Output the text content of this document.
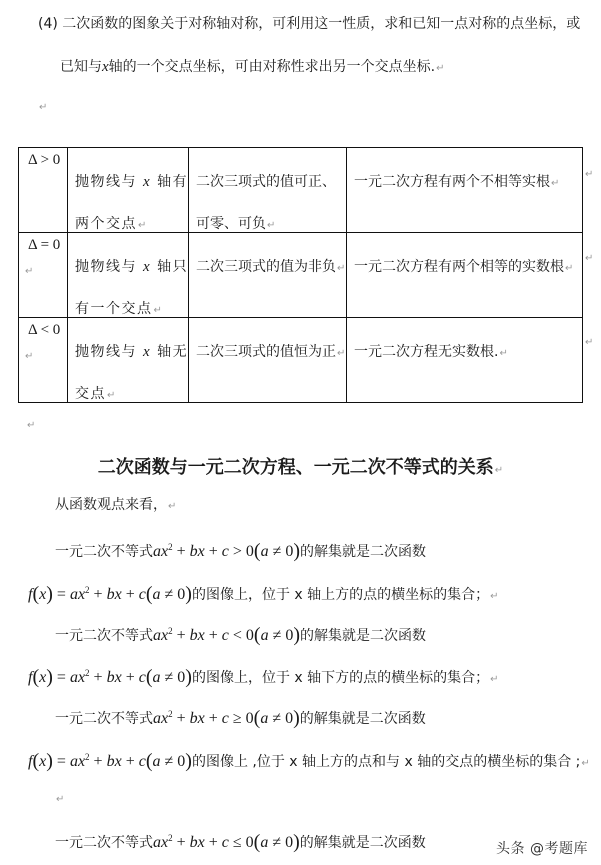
(4) 二次函数的图象关于对称轴对称，可利用这一性质，求和已知一点对称的点坐标，或
已知与x轴的一个交点坐标，可由对称性求出另一个交点坐标.↵
↵
Δ > 0	抛物线与 x 轴有
两个交点↵	二次三项式的值可正、
可零、可负↵	一元二次方程有两个不相等实根↵

Δ = 0
↵	抛物线与 x 轴只
有一个交点↵	二次三项式的值为非负↵	一元二次方程有两个相等的实数根↵

Δ < 0
↵	抛物线与 x 轴无
交点↵	二次三项式的值恒为正↵	一元二次方程无实数根.↵
↵
↵
↵
↵
二次函数与一元二次方程、一元二次不等式的关系↵
从函数观点来看，↵
一元二次不等式$ax^2$ + bx + c > 0(a ≠ 0)的解集就是二次函数
$f(x) = ax^2$ + bx + c(a ≠ 0)的图像上，位于 x 轴上方的点的横坐标的集合；↵
一元二次不等式$ax^2$ + bx + c < 0(a ≠ 0)的解集就是二次函数
$f(x) = ax^2$ + bx + c(a ≠ 0)的图像上，位于 x 轴下方的点的横坐标的集合；↵
一元二次不等式$ax^2$ + bx + c ≥ 0(a ≠ 0)的解集就是二次函数
$f(x) = ax^2$ + bx + c(a ≠ 0)的图像上 ,位于 x 轴上方的点和与 x 轴的交点的横坐标的集合 ;↵
↵
一元二次不等式$ax^2$ + bx + c ≤ 0(a ≠ 0)的解集就是二次函数	头条 @考题库
